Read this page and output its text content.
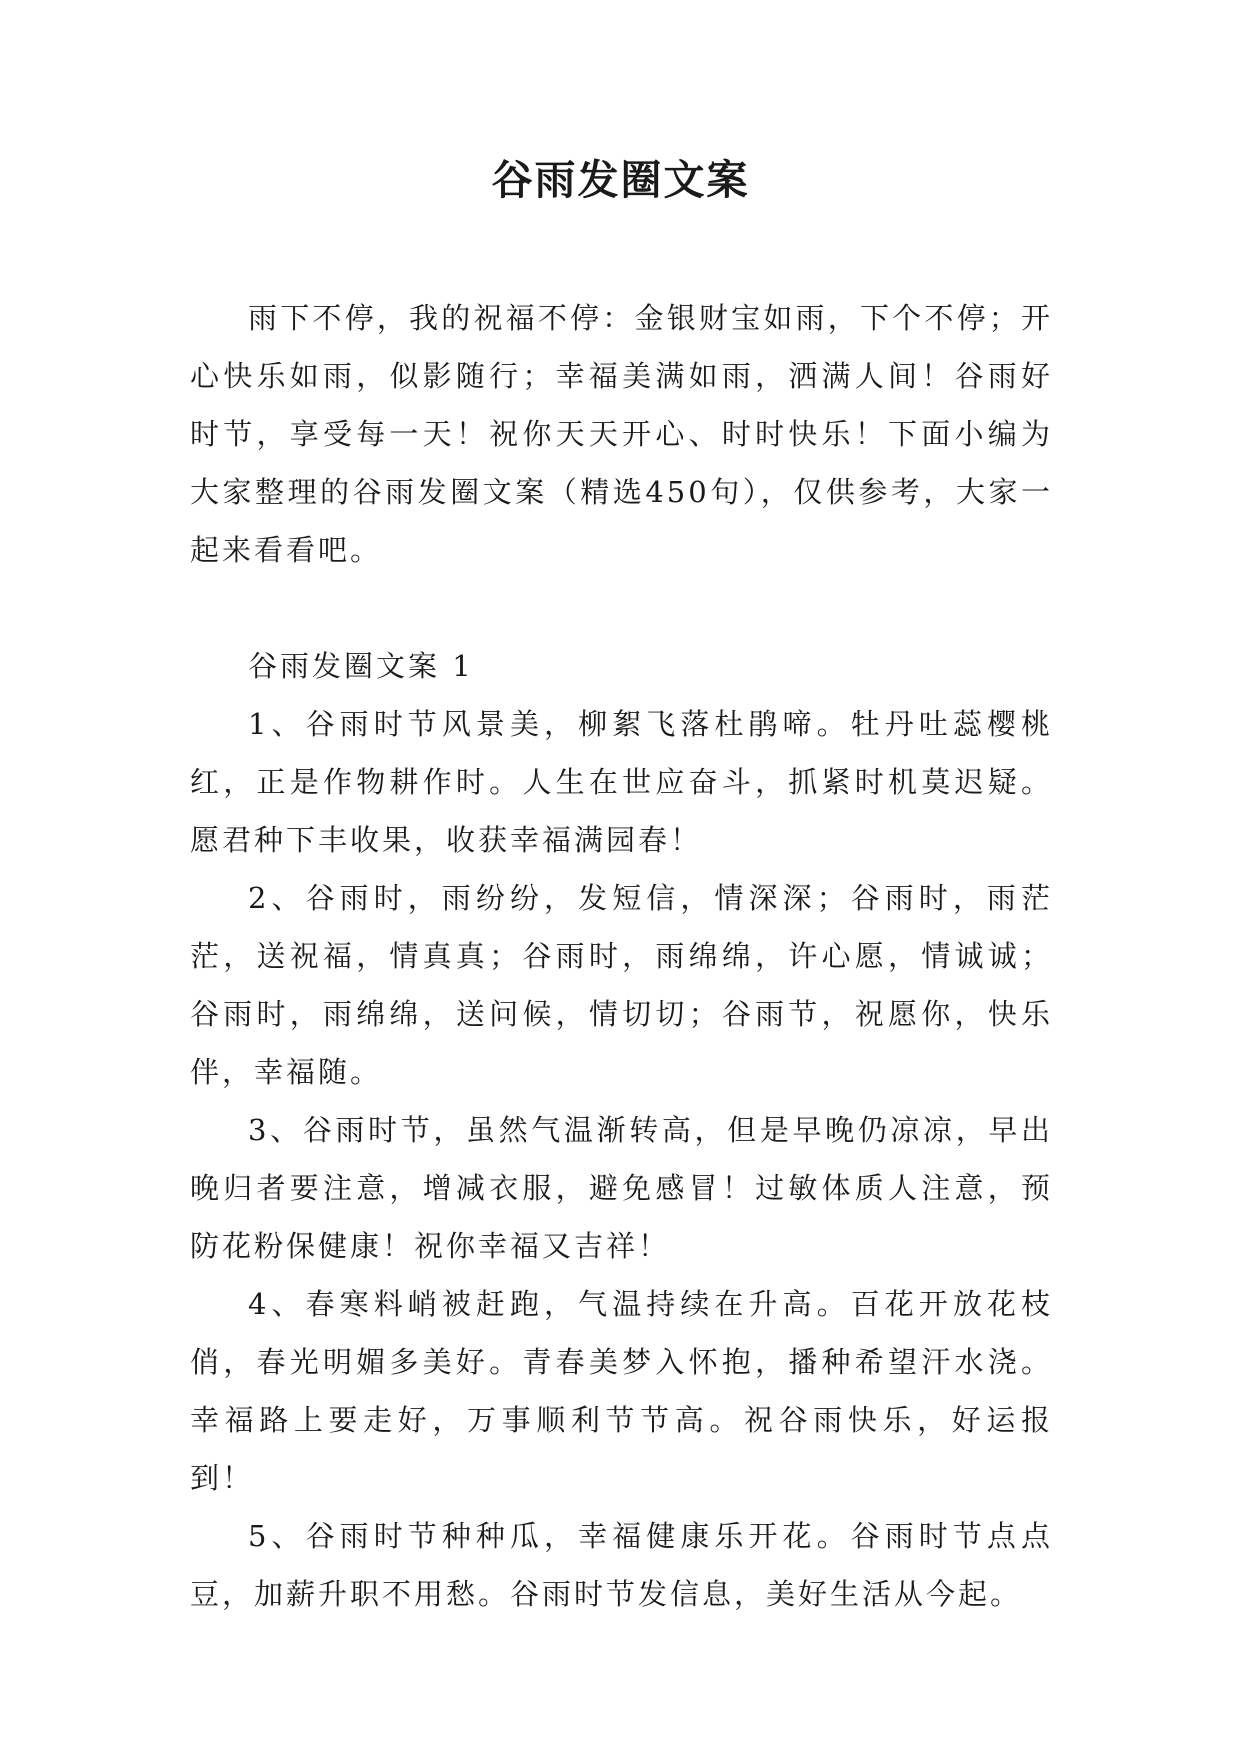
谷雨发圈文案

雨下不停，我的祝福不停：金银财宝如雨，下个不停；开心快乐如雨，似影随行；幸福美满如雨，洒满人间！谷雨好时节，享受每一天！祝你天天开心、时时快乐！下面小编为大家整理的谷雨发圈文案（精选450句），仅供参考，大家一起来看看吧。

谷雨发圈文案 1

1、谷雨时节风景美，柳絮飞落杜鹃啼。牡丹吐蕊樱桃红，正是作物耕作时。人生在世应奋斗，抓紧时机莫迟疑。愿君种下丰收果，收获幸福满园春！

2、谷雨时，雨纷纷，发短信，情深深；谷雨时，雨茫茫，送祝福，情真真；谷雨时，雨绵绵，许心愿，情诚诚；谷雨时，雨绵绵，送问候，情切切；谷雨节，祝愿你，快乐伴，幸福随。

3、谷雨时节，虽然气温渐转高，但是早晚仍凉凉，早出晚归者要注意，增减衣服，避免感冒！过敏体质人注意，预防花粉保健康！祝你幸福又吉祥！

4、春寒料峭被赶跑，气温持续在升高。百花开放花枝俏，春光明媚多美好。青春美梦入怀抱，播种希望汗水浇。幸福路上要走好，万事顺利节节高。祝谷雨快乐，好运报到！

5、谷雨时节种种瓜，幸福健康乐开花。谷雨时节点点豆，加薪升职不用愁。谷雨时节发信息，美好生活从今起。
